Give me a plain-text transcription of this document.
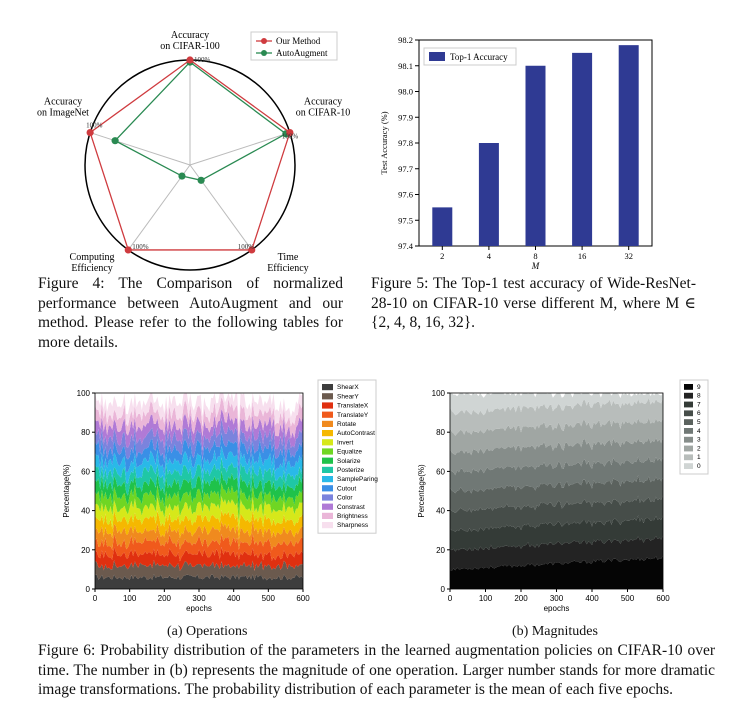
100%
100%
100%
100%
100%
Accuracy
on CIFAR-100
Accuracy
on CIFAR-10
Time
Efficiency
Computing
Efficiency
Accuracy
on ImageNet
Our Method
AutoAugment
Figure 4: The Comparison of normalized performance between AutoAugment and our method. Please refer to the following tables for more details.
97.4
97.5
97.6
97.7
97.8
97.9
98.0
98.1
98.2
2	4	8	16	32
M
Test Accuracy (%)
Top-1 Accuracy
Figure 5: The Top-1 test accuracy of Wide-ResNet-28-10 on CIFAR-10 verse different M, where M ∈ {2, 4, 8, 16, 32}.
0
20
40
60
80
100
0	100	200	300	400	500	600
epochs
Percentage(%)
ShearX
ShearY
TranslateX
TranslateY
Rotate
AutoContrast
Invert
Equalize
Solarize
Posterize
SampleParing
Cutout
Color
Constrast
Brightness
Sharpness
(a) Operations
0
20
40
60
80
100
0	100	200	300	400	500	600
epochs
Percentage(%)
9
8
7
6
5
4
3
2
1
0
(b) Magnitudes
Figure 6: Probability distribution of the parameters in the learned augmentation policies on CIFAR-10 over time. The number in (b) represents the magnitude of one operation. Larger number stands for more dramatic image transformations. The probability distribution of each parameter is the mean of each five epochs.
